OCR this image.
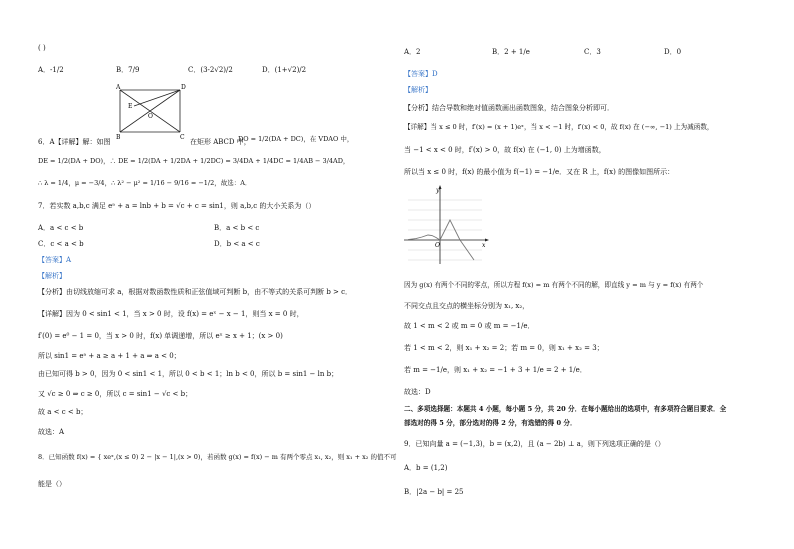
( )
A．-1/2	B．7/9	C．(3-2√2)/2	D．(1+√2)/2
A	D
B	C
E
O
6．A【详解】解：如图	在矩形 ABCD 中，
DO = 1/2(DA + DC)，在 VDAO 中，
DE = 1/2(DA + DO)，∴ DE = 1/2(DA + 1/2DA + 1/2DC) = 3/4DA + 1/4DC = 1/4AB − 3/4AD，
∴ λ = 1/4，μ = −3/4，∴ λ² − μ² = 1/16 − 9/16 = −1/2，故选：A．
7．若实数 a,b,c 满足 eᵃ + a = lnb + b = √c + c = sin1，则 a,b,c 的大小关系为（）
A．a < c < b	B．a < b < c
C．c < a < b	D．b < a < c
【答案】A
【解析】
【分析】由切线放缩可求 a，根据对数函数性质和正弦值域可判断 b，由不等式的关系可判断 b > c．
【详解】因为 0 < sin1 < 1，当 x > 0 时，设 f(x) = eˣ − x − 1，则当 x = 0 时，
f′(0) = e⁰ − 1 = 0，当 x > 0 时，f(x) 单调递增，所以 eˣ ≥ x + 1；(x > 0)
所以 sin1 = eᵃ + a ≥ a + 1 + a ⇒ a < 0；
由已知可得 b > 0，因为 0 < sin1 < 1，所以 0 < b < 1；ln b < 0，所以 b = sin1 − ln b；
又 √c ≥ 0 ⇒ c ≥ 0，所以 c = sin1 − √c < b；
故 a < c < b；
故选：A
8．已知函数 f(x) = { xeˣ,(x ≤ 0) 2 − |x − 1|,(x > 0)，若函数 g(x) = f(x) − m 有两个零点 x₁, x₂，则 x₁ + x₂ 的值不可
能是（）
A．2	B．2 + 1/e	C．3	D．0
【答案】D
【解析】
【分析】结合导数和绝对值函数画出函数图象，结合图象分析即可．
【详解】当 x ≤ 0 时，f′(x) = (x + 1)eˣ，当 x < −1 时，f′(x) < 0，故 f(x) 在 (−∞, −1) 上为减函数，
当 −1 < x < 0 时，f′(x) > 0，故 f(x) 在 (−1, 0) 上为增函数，
所以当 x ≤ 0 时，f(x) 的最小值为 f(−1) = −1/e．又在 R 上，f(x) 的图像如图所示：
y
x
O
因为 g(x) 有两个不同的零点，所以方程 f(x) = m 有两个不同的解，即直线 y = m 与 y = f(x) 有两个
不同交点且交点的横坐标分别为 x₁, x₂，
故 1 < m < 2 或 m = 0 或 m = −1/e．
若 1 < m < 2，则 x₁ + x₂ = 2；若 m = 0，则 x₁ + x₂ = 3；
若 m = −1/e，则 x₁ + x₂ = −1 + 3 + 1/e = 2 + 1/e．
故选：D
二、多项选择题：本题共 4 小题，每小题 5 分，共 20 分．在每小题给出的选项中，有多项符合题目要求．全
部选对的得 5 分，部分选对的得 2 分，有选错的得 0 分．
9．已知向量 a = (−1,3)，b = (x,2)，且 (a − 2b) ⊥ a，则下列选项正确的是（）
A．b = (1,2)
B．|2a − b| = 25
